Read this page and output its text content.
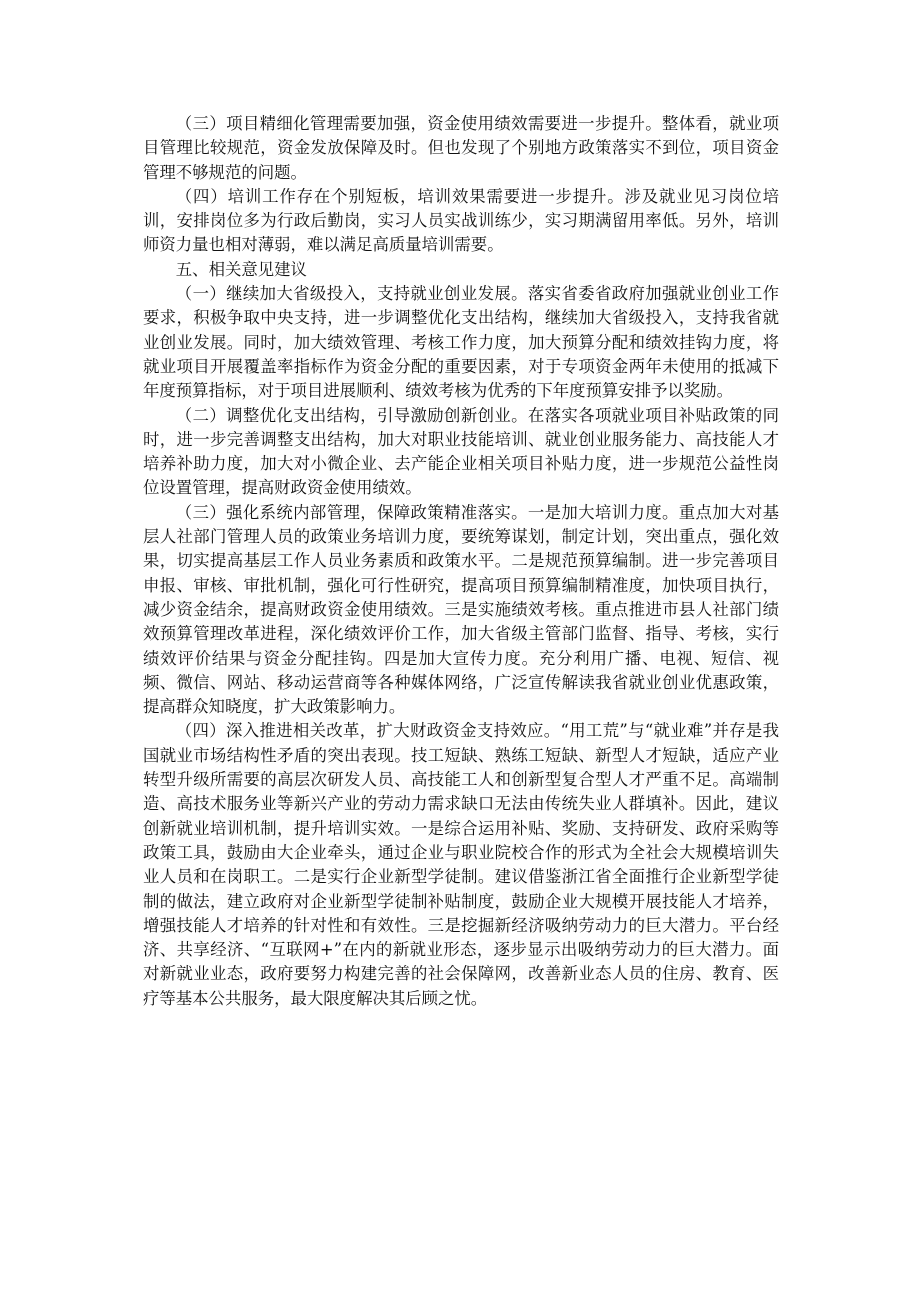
（三）项目精细化管理需要加强，资金使用绩效需要进一步提升。整体看，就业项目管理比较规范，资金发放保障及时。但也发现了个别地方政策落实不到位，项目资金管理不够规范的问题。

（四）培训工作存在个别短板，培训效果需要进一步提升。涉及就业见习岗位培训，安排岗位多为行政后勤岗，实习人员实战训练少，实习期满留用率低。另外，培训师资力量也相对薄弱，难以满足高质量培训需要。

五、相关意见建议

（一）继续加大省级投入，支持就业创业发展。落实省委省政府加强就业创业工作要求，积极争取中央支持，进一步调整优化支出结构，继续加大省级投入，支持我省就业创业发展。同时，加大绩效管理、考核工作力度，加大预算分配和绩效挂钩力度，将就业项目开展覆盖率指标作为资金分配的重要因素，对于专项资金两年未使用的抵减下年度预算指标，对于项目进展顺利、绩效考核为优秀的下年度预算安排予以奖励。

（二）调整优化支出结构，引导激励创新创业。在落实各项就业项目补贴政策的同时，进一步完善调整支出结构，加大对职业技能培训、就业创业服务能力、高技能人才培养补助力度，加大对小微企业、去产能企业相关项目补贴力度，进一步规范公益性岗位设置管理，提高财政资金使用绩效。

（三）强化系统内部管理，保障政策精准落实。一是加大培训力度。重点加大对基层人社部门管理人员的政策业务培训力度，要统筹谋划，制定计划，突出重点，强化效果，切实提高基层工作人员业务素质和政策水平。二是规范预算编制。进一步完善项目申报、审核、审批机制，强化可行性研究，提高项目预算编制精准度，加快项目执行，减少资金结余，提高财政资金使用绩效。三是实施绩效考核。重点推进市县人社部门绩效预算管理改革进程，深化绩效评价工作，加大省级主管部门监督、指导、考核，实行绩效评价结果与资金分配挂钩。四是加大宣传力度。充分利用广播、电视、短信、视频、微信、网站、移动运营商等各种媒体网络，广泛宣传解读我省就业创业优惠政策，提高群众知晓度，扩大政策影响力。

（四）深入推进相关改革，扩大财政资金支持效应。“用工荒”与“就业难”并存是我国就业市场结构性矛盾的突出表现。技工短缺、熟练工短缺、新型人才短缺，适应产业转型升级所需要的高层次研发人员、高技能工人和创新型复合型人才严重不足。高端制造、高技术服务业等新兴产业的劳动力需求缺口无法由传统失业人群填补。因此，建议创新就业培训机制，提升培训实效。一是综合运用补贴、奖励、支持研发、政府采购等政策工具，鼓励由大企业牵头，通过企业与职业院校合作的形式为全社会大规模培训失业人员和在岗职工。二是实行企业新型学徒制。建议借鉴浙江省全面推行企业新型学徒制的做法，建立政府对企业新型学徒制补贴制度，鼓励企业大规模开展技能人才培养，增强技能人才培养的针对性和有效性。三是挖掘新经济吸纳劳动力的巨大潜力。平台经济、共享经济、“互联网+”在内的新就业形态，逐步显示出吸纳劳动力的巨大潜力。面对新就业业态，政府要努力构建完善的社会保障网，改善新业态人员的住房、教育、医疗等基本公共服务，最大限度解决其后顾之忧。
